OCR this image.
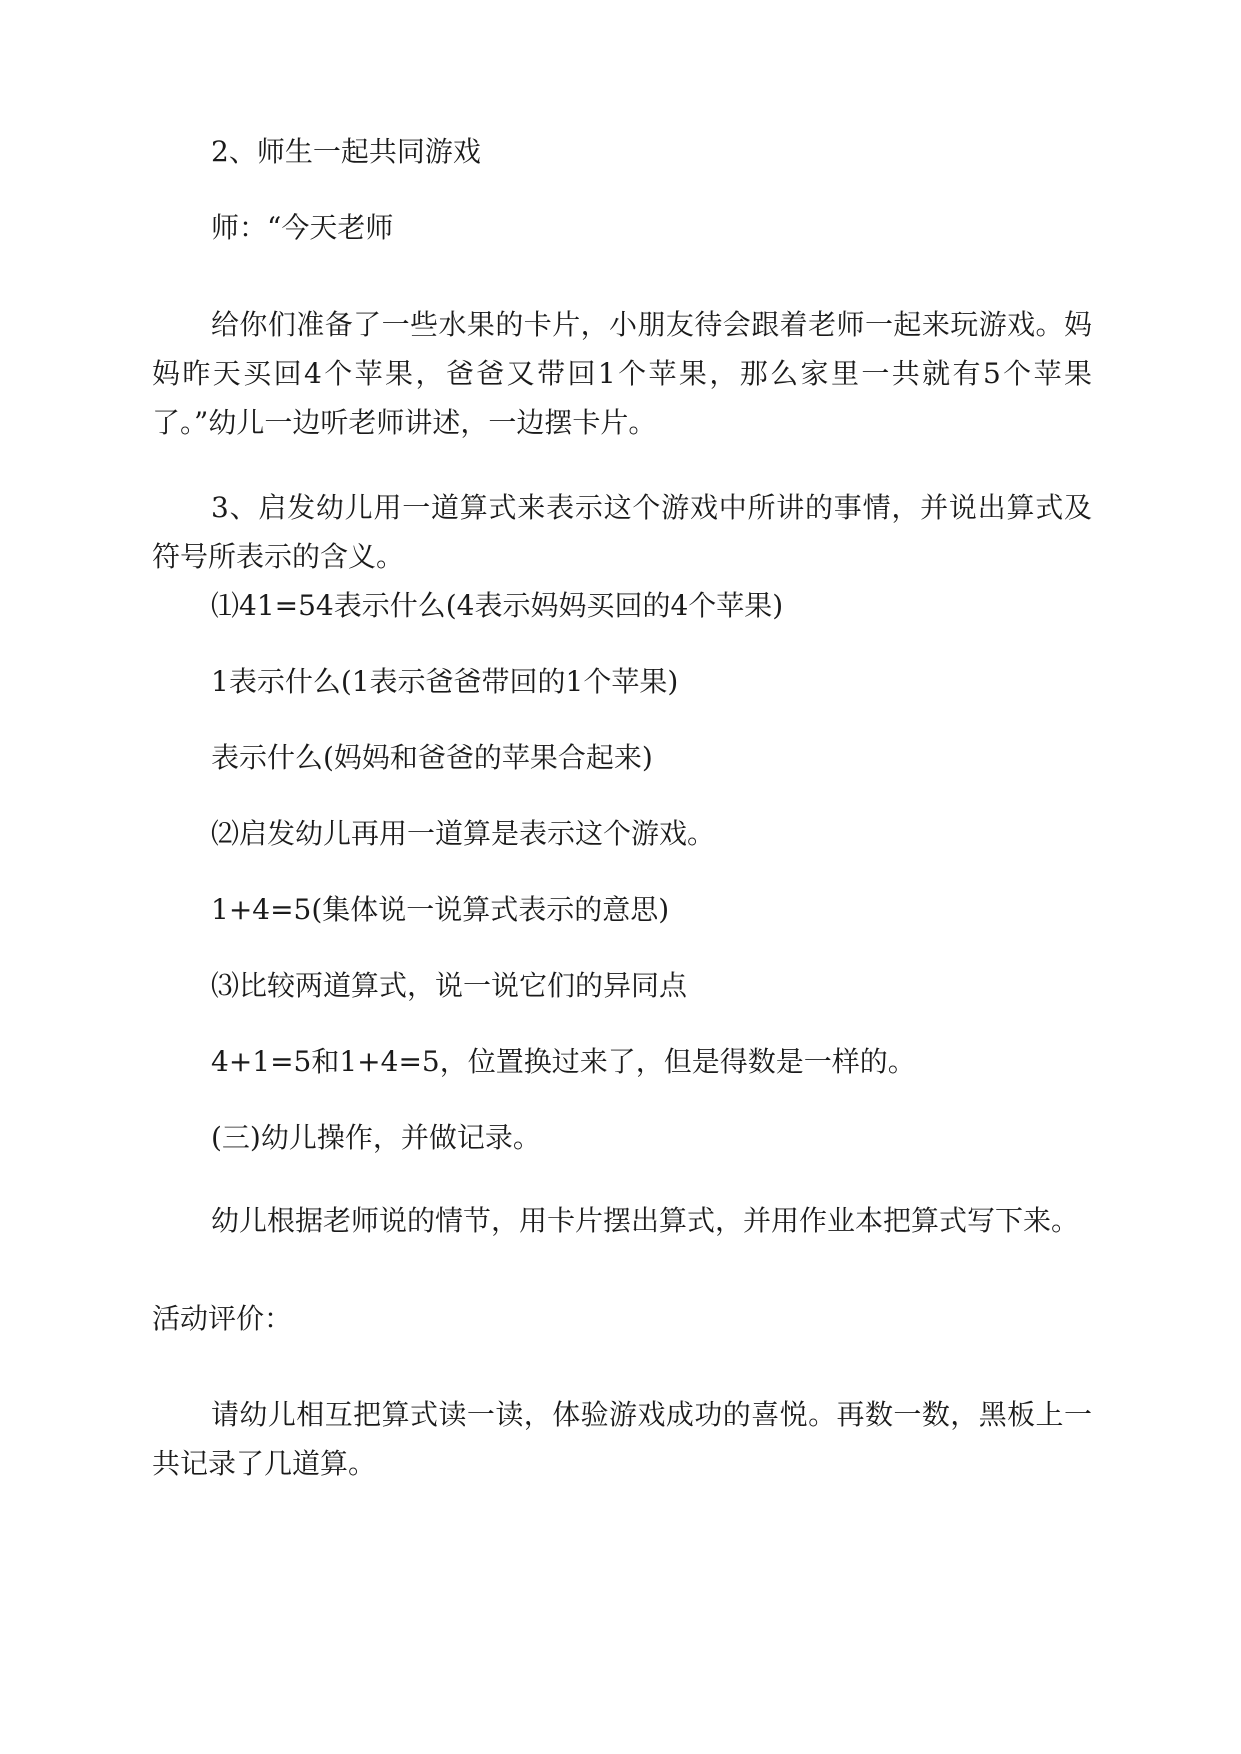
2、师生一起共同游戏

师：“今天老师

给你们准备了一些水果的卡片，小朋友待会跟着老师一起来玩游戏。妈妈昨天买回4个苹果，爸爸又带回1个苹果，那么家里一共就有5个苹果了。”幼儿一边听老师讲述，一边摆卡片。

3、启发幼儿用一道算式来表示这个游戏中所讲的事情，并说出算式及符号所表示的含义。

⑴41=54表示什么(4表示妈妈买回的4个苹果)

1表示什么(1表示爸爸带回的1个苹果)

表示什么(妈妈和爸爸的苹果合起来)

⑵启发幼儿再用一道算是表示这个游戏。

1+4=5(集体说一说算式表示的意思)

⑶比较两道算式，说一说它们的异同点

4+1=5和1+4=5，位置换过来了，但是得数是一样的。

(三)幼儿操作，并做记录。

幼儿根据老师说的情节，用卡片摆出算式，并用作业本把算式写下来。

活动评价：

请幼儿相互把算式读一读，体验游戏成功的喜悦。再数一数，黑板上一共记录了几道算。
